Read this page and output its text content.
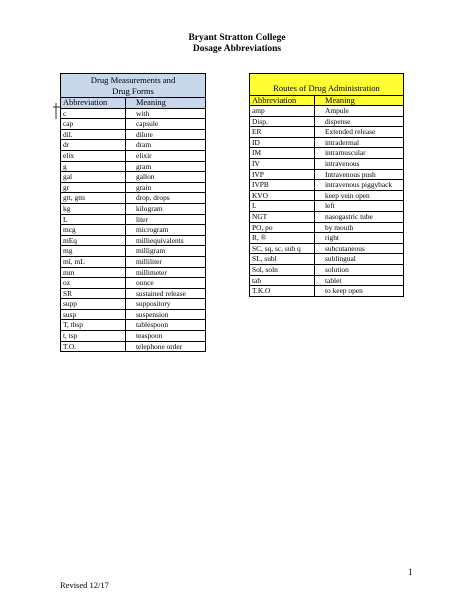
Bryant Stratton College
Dosage Abbreviations
Drug Measurements and
Drug Forms	
Abbreviation	Meaning
c	with
cap	capsule
dil.	dilute
dr	dram
elix	elixir
g	gram
gal	gallon
gr	grain
gtt, gtts	drop, drops
kg	kilogram
L	liter
mcg	microgram
mEq	milliequivalents
mg	milligram
ml, mL	milliliter
mm	millimeter
oz	ounce
SR	sustained release
supp	suppository
susp	suspension
T, tbsp	tablespoon
t, tsp	teaspoon
T.O.	telephone order
Routes of Drug Administration	
Abbreviation	Meaning
amp	Ampule
Disp.	dispense
ER	Extended release
ID	intradermal
IM	intramuscular
IV	intravenous
IVP	Intravenous push
IVPB	intravenous piggyback
KVO	keep vein open
L	left
NGT	nasogastric tube
PO, po	by mouth
R, ®	right
SC, sq, sc, sub q	subcutaneous
SL, subl	sublingual
Sol, soln	solution
tab	tablet
T.K.O	to keep open
1
Revised 12/17
